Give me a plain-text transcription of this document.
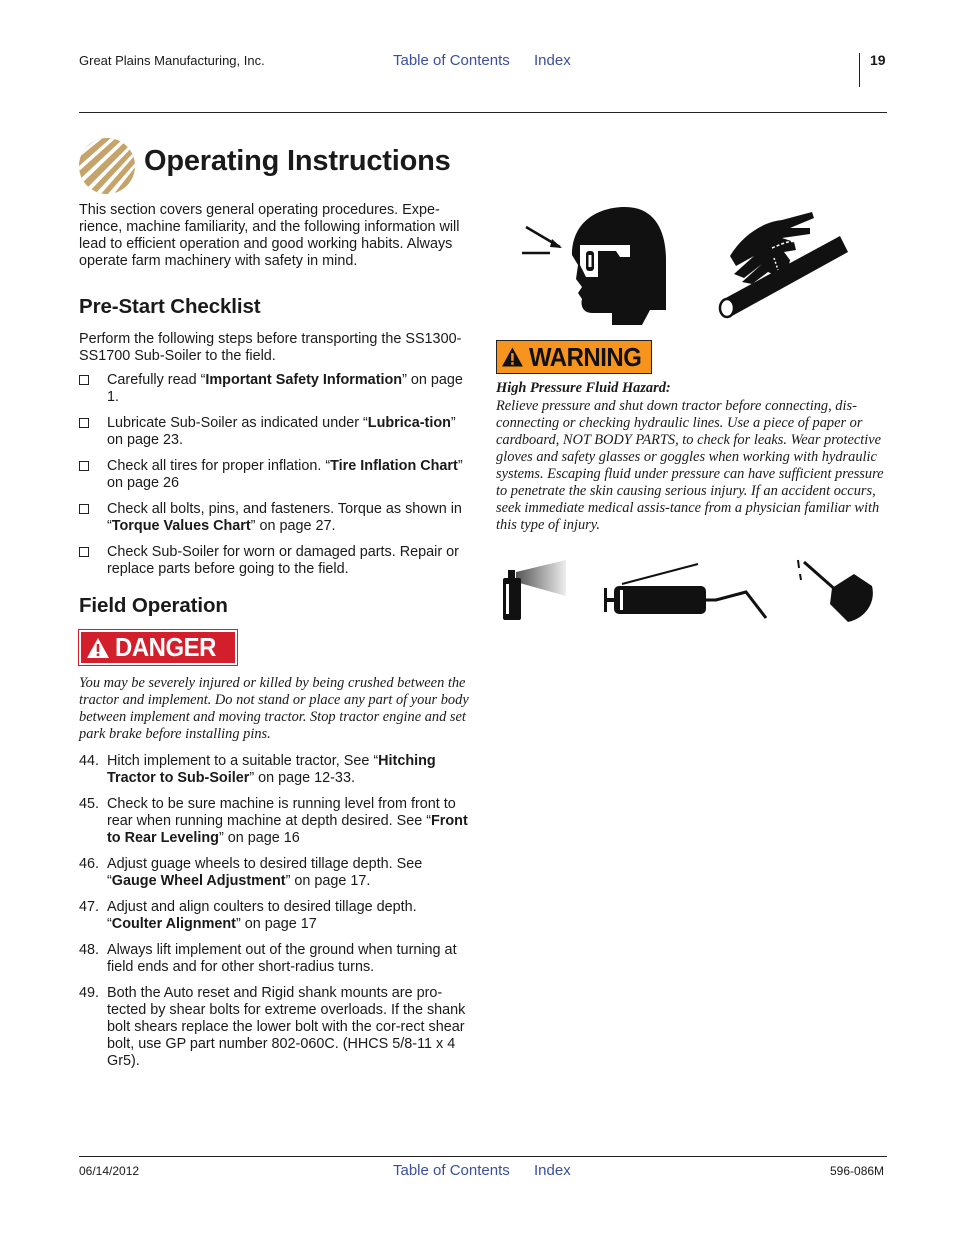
Great Plains Manufacturing, Inc.	Table of Contents Index	19
Operating Instructions

This section covers general operating procedures. Expe-rience, machine familiarity, and the following information will lead to efficient operation and good working habits. Always operate farm machinery with safety in mind.

Pre-Start Checklist

Perform the following steps before transporting the SS1300-SS1700 Sub-Soiler to the field.

Carefully read “Important Safety Information” on page 1.
Lubricate Sub-Soiler as indicated under “Lubrica-tion” on page 23.
Check all tires for proper inflation. “Tire Inflation Chart” on page 26
Check all bolts, pins, and fasteners. Torque as shown in “Torque Values Chart” on page 27.
Check Sub-Soiler for worn or damaged parts. Repair or replace parts before going to the field.
Field Operation
DANGER

You may be severely injured or killed by being crushed between the tractor and implement. Do not stand or place any part of your body between implement and moving tractor. Stop tractor engine and set park brake before installing pins.

44. Hitch implement to a suitable tractor, See “Hitching Tractor to Sub-Soiler” on page 12-33.
45. Check to be sure machine is running level from front to rear when running machine at depth desired. See “Front to Rear Leveling” on page 16
46. Adjust guage wheels to desired tillage depth. See “Gauge Wheel Adjustment” on page 17.
47. Adjust and align coulters to desired tillage depth. “Coulter Alignment” on page 17
48. Always lift implement out of the ground when turning at field ends and for other short-radius turns.
49. Both the Auto reset and Rigid shank mounts are pro-tected by shear bolts for extreme overloads. If the shank bolt shears replace the lower bolt with the cor-rect shear bolt, use GP part number 802-060C. (HHCS 5/8-11 x 4 Gr5).
WARNING
High Pressure Fluid Hazard:

Relieve pressure and shut down tractor before connecting, dis-connecting or checking hydraulic lines. Use a piece of paper or cardboard, NOT BODY PARTS, to check for leaks. Wear protective gloves and safety glasses or goggles when working with hydraulic systems. Escaping fluid under pressure can have sufficient pressure to penetrate the skin causing serious injury. If an accident occurs, seek immediate medical assis-tance from a physician familiar with this type of injury.

06/14/2012	Table of Contents Index	596-086M
